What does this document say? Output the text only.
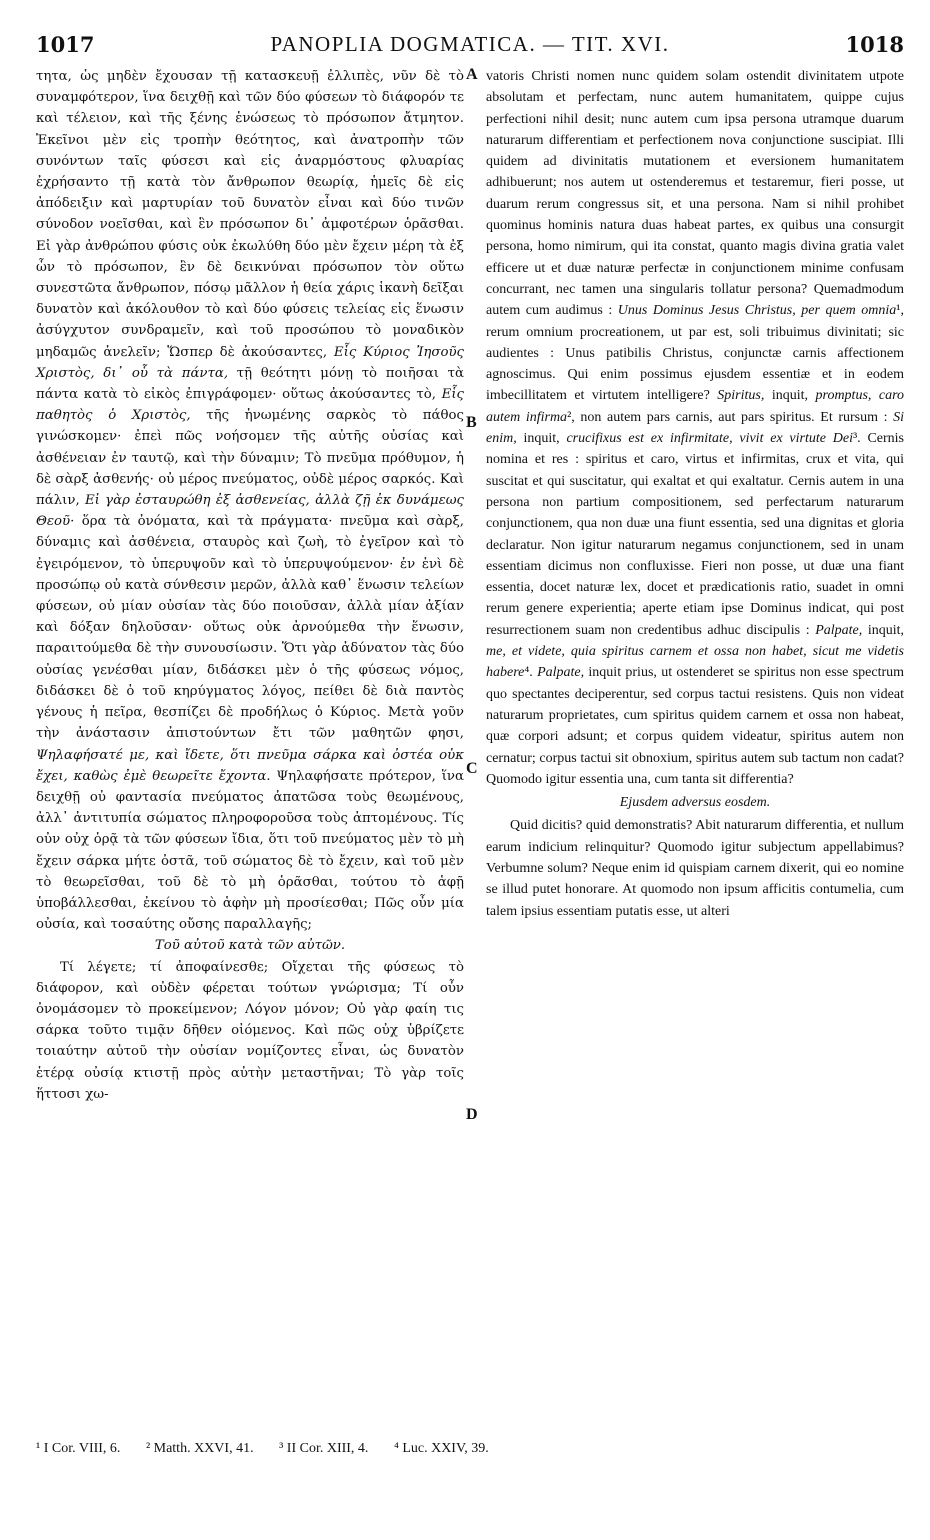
1017	PANOPLIA DOGMATICA. — TIT. XVI.	1018

τητα, ὡς μηδὲν ἔχουσαν τῇ κατασκευῇ ἐλλιπὲς, νῦν δὲ τὸ συναμφότερον, ἵνα δειχθῇ καὶ τῶν δύο φύσεων τὸ διάφορόν τε καὶ τέλειον, καὶ τῆς ξένης ἑνώσεως τὸ πρόσωπον ἄτμητον. Ἐκεῖνοι μὲν εἰς τροπὴν θεότητος, καὶ ἀνατροπὴν τῶν συνόντων ταῖς φύσεσι καὶ εἰς ἀναρμόστους φλυαρίας ἐχρήσαντο τῇ κατὰ τὸν ἄνθρωπον θεωρίᾳ, ἡμεῖς δὲ εἰς ἀπόδειξιν καὶ μαρτυρίαν τοῦ δυνατὸν εἶναι καὶ δύο τινῶν σύνοδον νοεῖσθαι, καὶ ἓν πρόσωπον δι᾽ ἀμφοτέρων ὁρᾶσθαι. Εἰ γὰρ ἀνθρώπου φύσις οὐκ ἐκωλύθη δύο μὲν ἔχειν μέρη τὰ ἐξ ὧν τὸ πρόσωπον, ἓν δὲ δεικνύναι πρόσωπον τὸν οὕτω συνεστῶτα ἄνθρωπον, πόσῳ μᾶλλον ἡ θεία χάρις ἱκανὴ δεῖξαι δυνατὸν καὶ ἀκόλουθον τὸ καὶ δύο φύσεις τελείας εἰς ἕνωσιν ἀσύγχυτον συνδραμεῖν, καὶ τοῦ προσώπου τὸ μοναδικὸν μηδαμῶς ἀνελεῖν; Ὥσπερ δὲ ἀκούσαντες, Εἷς Κύριος Ἰησοῦς Χριστὸς, δι᾽ οὗ τὰ πάντα, τῇ θεότητι μόνῃ τὸ ποιῆσαι τὰ πάντα κατὰ τὸ εἰκὸς ἐπιγράφομεν· οὕτως ἀκούσαντες τὸ, Εἷς παθητὸς ὁ Χριστὸς, τῆς ἡνωμένης σαρκὸς τὸ πάθος γινώσκομεν· ἐπεὶ πῶς νοήσομεν τῆς αὐτῆς οὐσίας καὶ ἀσθένειαν ἐν ταυτῷ, καὶ τὴν δύναμιν; Τὸ πνεῦμα πρόθυμον, ἡ δὲ σὰρξ ἀσθενής· οὐ μέρος πνεύματος, οὐδὲ μέρος σαρκός. Καὶ πάλιν, Εἰ γὰρ ἐσταυρώθη ἐξ ἀσθενείας, ἀλλὰ ζῇ ἐκ δυνάμεως Θεοῦ· ὅρα τὰ ὀνόματα, καὶ τὰ πράγματα· πνεῦμα καὶ σὰρξ, δύναμις καὶ ἀσθένεια, σταυρὸς καὶ ζωὴ, τὸ ἐγεῖρον καὶ τὸ ἐγειρόμενον, τὸ ὑπερυψοῦν καὶ τὸ ὑπερυψούμενον· ἐν ἑνὶ δὲ προσώπῳ οὐ κατὰ σύνθεσιν μερῶν, ἀλλὰ καθ᾽ ἕνωσιν τελείων φύσεων, οὐ μίαν οὐσίαν τὰς δύο ποιοῦσαν, ἀλλὰ μίαν ἀξίαν καὶ δόξαν δηλοῦσαν· οὕτως οὐκ ἀρνούμεθα τὴν ἕνωσιν, παραιτούμεθα δὲ τὴν συνουσίωσιν. Ὅτι γὰρ ἀδύνατον τὰς δύο οὐσίας γενέσθαι μίαν, διδάσκει μὲν ὁ τῆς φύσεως νόμος, διδάσκει δὲ ὁ τοῦ κηρύγματος λόγος, πείθει δὲ διὰ παντὸς γένους ἡ πεῖρα, θεσπίζει δὲ προδήλως ὁ Κύριος. Μετὰ γοῦν τὴν ἀνάστασιν ἀπιστούντων ἔτι τῶν μαθητῶν φησι, Ψηλαφήσατέ με, καὶ ἴδετε, ὅτι πνεῦμα σάρκα καὶ ὀστέα οὐκ ἔχει, καθὼς ἐμὲ θεωρεῖτε ἔχοντα. Ψηλαφήσατε πρότερον, ἵνα δειχθῇ οὐ φαντασία πνεύματος ἀπατῶσα τοὺς θεωμένους, ἀλλ᾽ ἀντιτυπία σώματος πληροφοροῦσα τοὺς ἀπτομένους. Τίς οὐν οὐχ ὁρᾷ τὰ τῶν φύσεων ἴδια, ὅτι τοῦ πνεύματος μὲν τὸ μὴ ἔχειν σάρκα μήτε ὀστᾶ, τοῦ σώματος δὲ τὸ ἔχειν, καὶ τοῦ μὲν τὸ θεωρεῖσθαι, τοῦ δὲ τὸ μὴ ὁρᾶσθαι, τούτου τὸ ἁφῇ ὑποβάλλεσθαι, ἐκείνου τὸ ἁφὴν μὴ προσίεσθαι; Πῶς οὖν μία οὐσία, καὶ τοσαύτης οὔσης παραλλαγῆς;

Τοῦ αὐτοῦ κατὰ τῶν αὐτῶν.

Τί λέγετε; τί ἀποφαίνεσθε; Οἴχεται τῆς φύσεως τὸ διάφορον, καὶ οὐδὲν φέρεται τούτων γνώρισμα; Τί οὖν ὀνομάσομεν τὸ προκείμενον; Λόγον μόνον; Οὐ γὰρ φαίη τις σάρκα τοῦτο τιμᾷν δῆθεν οἰόμενος. Καὶ πῶς οὐχ ὑβρίζετε τοιαύτην αὐτοῦ τὴν οὐσίαν νομίζοντες εἶναι, ὡς δυνατὸν ἑτέρᾳ οὐσίᾳ κτιστῇ πρὸς αὐτὴν μεταστῆναι; Τὸ γὰρ τοῖς ἥττοσι χω-

A
B
C
D

vatoris Christi nomen nunc quidem solam ostendit divinitatem utpote absolutam et perfectam, nunc autem humanitatem, quippe cujus perfectioni nihil desit; nunc autem cum ipsa persona utramque duarum naturarum differentiam et perfectionem nova conjunctione suscipiat. Illi quidem ad divinitatis mutationem et eversionem humanitatem adhibuerunt; nos autem ut ostenderemus et testaremur, fieri posse, ut duarum rerum congressus sit, et una persona. Nam si nihil prohibet quominus hominis natura duas habeat partes, ex quibus una consurgit persona, homo nimirum, qui ita constat, quanto magis divina gratia valet efficere ut et duæ naturæ perfectæ in conjunctionem minime confusam concurrant, nec tamen una singularis tollatur persona? Quemadmodum autem cum audimus : Unus Dominus Jesus Christus, per quem omnia¹, rerum omnium procreationem, ut par est, soli tribuimus divinitati; sic audientes : Unus patibilis Christus, conjunctæ carnis affectionem agnoscimus. Qui enim possimus ejusdem essentiæ et in eodem imbecillitatem et virtutem intelligere? Spiritus, inquit, promptus, caro autem infirma², non autem pars carnis, aut pars spiritus. Et rursum : Si enim, inquit, crucifixus est ex infirmitate, vivit ex virtute Dei³. Cernis nomina et res : spiritus et caro, virtus et infirmitas, crux et vita, qui suscitat et qui suscitatur, qui exaltat et qui exaltatur. Cernis autem in una persona non partium compositionem, sed perfectarum naturarum conjunctionem, qua non duæ una fiunt essentia, sed una dignitas et gloria declaratur. Non igitur naturarum negamus conjunctionem, sed in unam essentiam dicimus non confluxisse. Fieri non posse, ut duæ una fiant essentia, docet naturæ lex, docet et prædicationis ratio, suadet in omni rerum genere experientia; aperte etiam ipse Dominus indicat, qui post resurrectionem suam non credentibus adhuc discipulis : Palpate, inquit, me, et videte, quia spiritus carnem et ossa non habet, sicut me videtis habere⁴. Palpate, inquit prius, ut ostenderet se spiritus non esse spectrum quo spectantes deciperentur, sed corpus tactui resistens. Quis non videat naturarum proprietates, cum spiritus quidem carnem et ossa non habeat, quæ corpori adsunt; et corpus quidem videatur, spiritus autem non cernatur; corpus tactui sit obnoxium, spiritus autem sub tactum non cadat? Quomodo igitur essentia una, cum tanta sit differentia?

Ejusdem adversus eosdem.

Quid dicitis? quid demonstratis? Abit naturarum differentia, et nullum earum indicium relinquitur? Quomodo igitur subjectum appellabimus? Verbumne solum? Neque enim id quispiam carnem dixerit, qui eo nomine se illud putet honorare. At quomodo non ipsum afficitis contumelia, cum talem ipsius essentiam putatis esse, ut alteri

¹ I Cor. VIII, 6. ² Matth. XXVI, 41. ³ II Cor. XIII, 4. ⁴ Luc. XXIV, 39.
